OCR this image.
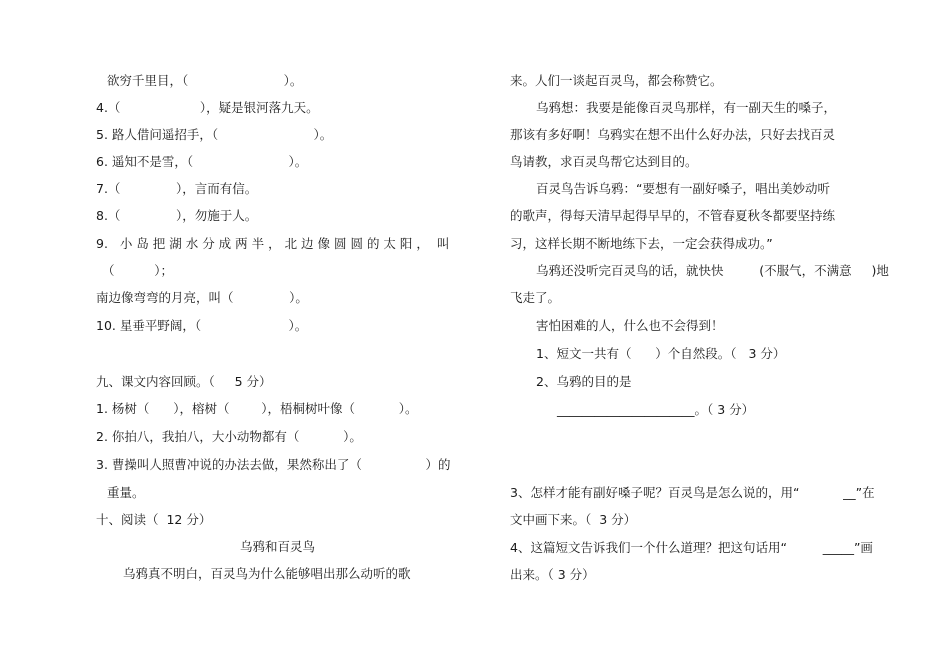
欲穷千里目，（                        ）。
4.（                    ），疑是银河落九天。
5. 路人借问遥招手，（                        ）。
6. 遥知不是雪，（                        ）。
7.（              ），言而有信。
8.（              ），勿施于人。
9.   小 岛 把 湖 水 分 成 两 半 ， 北 边 像 圆 圆 的 太 阳 ，  叫
（          ）；
南边像弯弯的月亮，叫（              ）。
10. 星垂平野阔，（                      ）。
九、课文内容回顾。（     5 分）
1. 杨树（      ），榕树（        ），梧桐树叶像（           ）。
2. 你拍八，我拍八，大小动物都有（           ）。
3. 曹操叫人照曹冲说的办法去做，果然称出了（                ）的
重量。
十、阅读（  12 分）
乌鸦和百灵鸟
乌鸦真不明白，百灵鸟为什么能够唱出那么动听的歌
来。人们一谈起百灵鸟，都会称赞它。
乌鸦想：我要是能像百灵鸟那样，有一副天生的嗓子，
那该有多好啊！乌鸦实在想不出什么好办法，只好去找百灵
鸟请教，求百灵鸟帮它达到目的。
百灵鸟告诉乌鸦：“要想有一副好嗓子，唱出美妙动听
的歌声，得每天清早起得早早的，不管春夏秋冬都要坚持练
习，这样长期不断地练下去，一定会获得成功。”
乌鸦还没听完百灵鸟的话，就快快         (不服气，不满意     )地
飞走了。
害怕困难的人，什么也不会得到！
1、短文一共有（      ）个自然段。（   3 分）
2、乌鸦的目的是
______________________。（ 3 分）
3、怎样才能有副好嗓子呢？百灵鸟是怎么说的，用“           __”在
文中画下来。（  3 分）
4、这篇短文告诉我们一个什么道理？把这句话用“         _____”画
出来。（ 3 分）
